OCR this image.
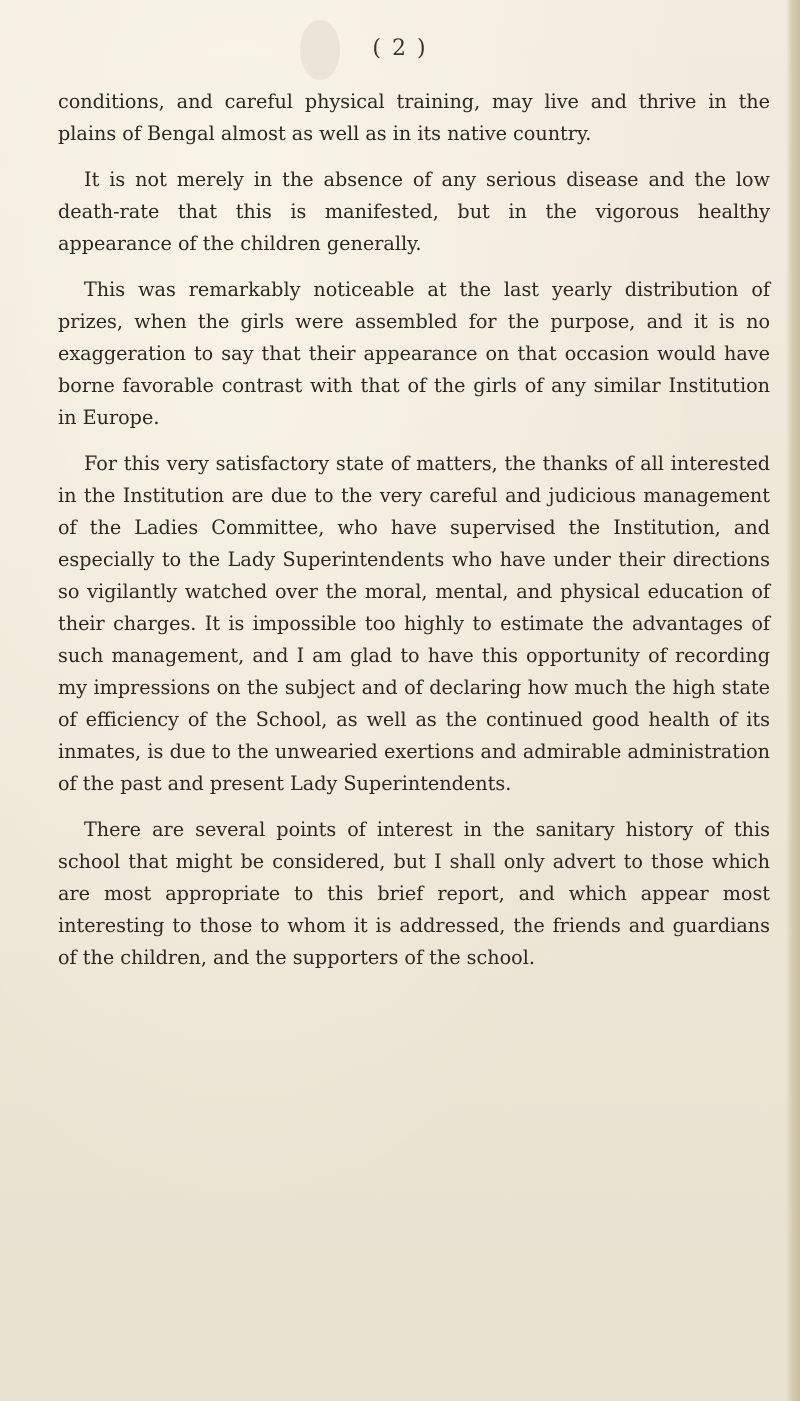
( 2 )

conditions, and careful physical training, may live and thrive in the plains of Bengal almost as well as in its native country.

It is not merely in the absence of any serious disease and the low death-rate that this is manifested, but in the vigorous healthy appearance of the children generally.

This was remarkably noticeable at the last yearly distribution of prizes, when the girls were assembled for the purpose, and it is no exaggeration to say that their appearance on that occasion would have borne favorable contrast with that of the girls of any similar Institution in Europe.

For this very satisfactory state of matters, the thanks of all interested in the Institution are due to the very careful and judicious management of the Ladies Committee, who have supervised the Institution, and especially to the Lady Superintendents who have under their directions so vigilantly watched over the moral, mental, and physical education of their charges. It is impossible too highly to estimate the advantages of such management, and I am glad to have this opportunity of recording my impressions on the subject and of declaring how much the high state of efficiency of the School, as well as the continued good health of its inmates, is due to the unwearied exertions and admirable administration of the past and present Lady Superintendents.

There are several points of interest in the sanitary history of this school that might be considered, but I shall only advert to those which are most appropriate to this brief report, and which appear most interesting to those to whom it is addressed, the friends and guardians of the children, and the supporters of the school.
